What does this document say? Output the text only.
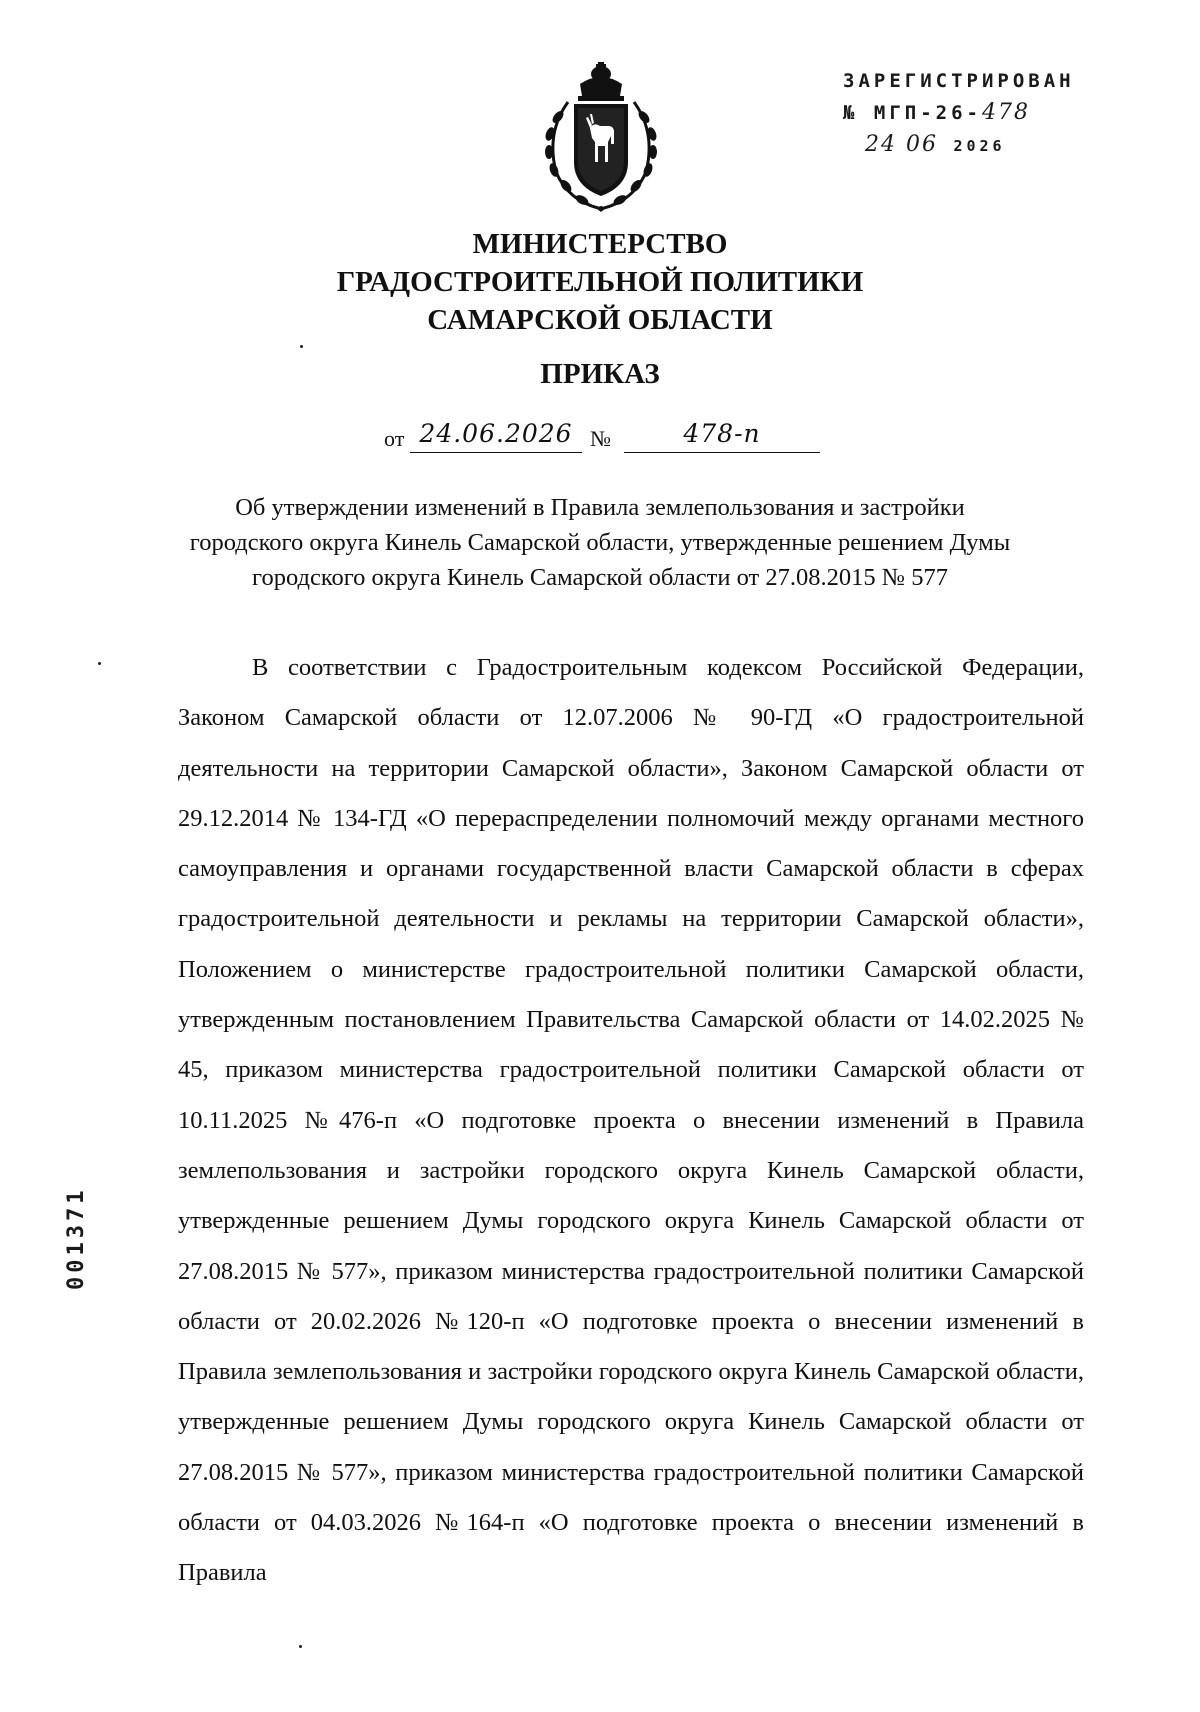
ЗАРЕГИСТРИРОВАН
№ МГП-26-478
24 06 2026
МИНИСТЕРСТВО
ГРАДОСТРОИТЕЛЬНОЙ ПОЛИТИКИ
САМАРСКОЙ ОБЛАСТИ
ПРИКАЗ
от 24.06.2026 №	478-п
Об утверждении изменений в Правила землепользования и застройки
городского округа Кинель Самарской области, утвержденные решением Думы
городского округа Кинель Самарской области от 27.08.2015 № 577

В соответствии с Градостроительным кодексом Российской Федерации, Законом Самарской области от 12.07.2006 № 90-ГД «О градостроительной деятельности на территории Самарской области», Законом Самарской области от 29.12.2014 № 134-ГД «О перераспределении полномочий между органами местного самоуправления и органами государственной власти Самарской области в сферах градостроительной деятельности и рекламы на территории Самарской области», Положением о министерстве градостроительной политики Самарской области, утвержденным постановлением Правительства Самарской области от 14.02.2025 № 45, приказом министерства градостроительной политики Самарской области от 10.11.2025 №476-п «О подготовке проекта о внесении изменений в Правила землепользования и застройки городского округа Кинель Самарской области, утвержденные решением Думы городского округа Кинель Самарской области от 27.08.2015 № 577», приказом министерства градостроительной политики Самарской области от 20.02.2026 №120-п «О подготовке проекта о внесении изменений в Правила землепользования и застройки городского округа Кинель Самарской области, утвержденные решением Думы городского округа Кинель Самарской области от 27.08.2015 № 577», приказом министерства градостроительной политики Самарской области от 04.03.2026 №164-п «О подготовке проекта о внесении изменений в Правила

001371
